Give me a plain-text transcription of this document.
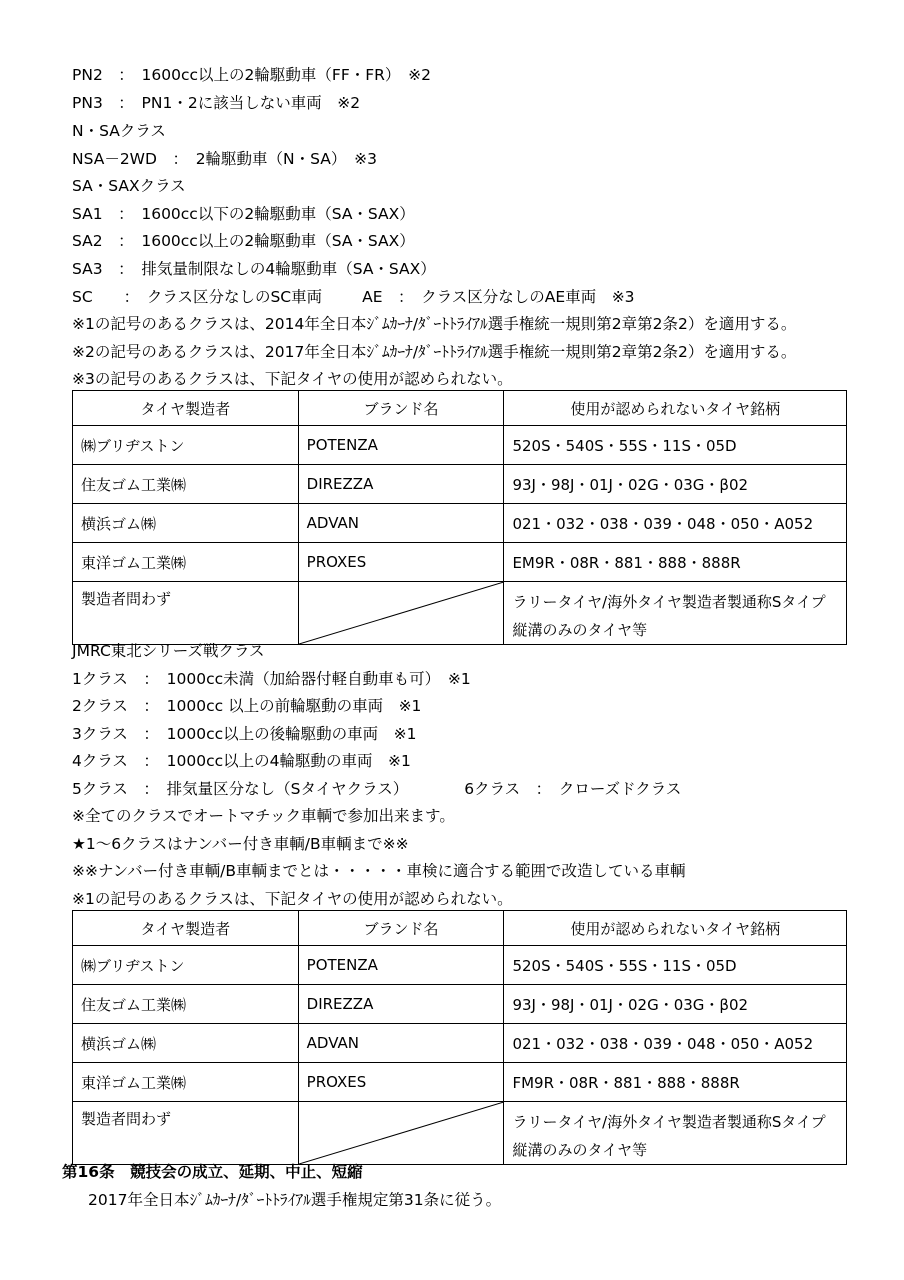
PN2　：　1600cc以上の2輪駆動車（FF・FR）　※2
PN3　：　PN1・2に該当しない車両　※2
N・SAクラス
NSA－2WD　：　2輪駆動車（N・SA）　※3
SA・SAXクラス
SA1　：　1600cc以下の2輪駆動車（SA・SAX）
SA2　：　1600cc以上の2輪駆動車（SA・SAX）
SA3　：　排気量制限なしの4輪駆動車（SA・SAX）
SC　　：　クラス区分なしのSC車両	AE　：　クラス区分なしのAE車両　※3
※1の記号のあるクラスは、2014年全日本ｼﾞﾑｶｰﾅ/ﾀﾞｰﾄﾄﾗｲｱﾙ選手権統一規則第2章第2条2）を適用する。
※2の記号のあるクラスは、2017年全日本ｼﾞﾑｶｰﾅ/ﾀﾞｰﾄﾄﾗｲｱﾙ選手権統一規則第2章第2条2）を適用する。
※3の記号のあるクラスは、下記タイヤの使用が認められない。
タイヤ製造者	ブランド名	使用が認められないタイヤ銘柄
㈱ブリヂストン	POTENZA	520S・540S・55S・11S・05D
住友ゴム工業㈱	DIREZZA	93J・98J・01J・02G・03G・β02
横浜ゴム㈱	ADVAN	021・032・038・039・048・050・A052
東洋ゴム工業㈱	PROXES	EM9R・08R・881・888・888R
製造者問わず		ラリータイヤ/海外タイヤ製造者製通称Sタイプ
縦溝のみのタイヤ等
JMRC東北シリーズ戦クラス
1クラス　：　1000cc未満（加給器付軽自動車も可）　※1
2クラス　：　1000cc 以上の前輪駆動の車両　※1
3クラス　：　1000cc以上の後輪駆動の車両　※1
4クラス　：　1000cc以上の4輪駆動の車両　※1
5クラス　：　排気量区分なし（Sタイヤクラス）	6クラス　：　クローズドクラス
※全てのクラスでオートマチック車輌で参加出来ます。
★1～6クラスはナンバー付き車輌/B車輌まで※※
※※ナンバー付き車輌/B車輌までとは・・・・・車検に適合する範囲で改造している車輌
※1の記号のあるクラスは、下記タイヤの使用が認められない。
タイヤ製造者	ブランド名	使用が認められないタイヤ銘柄
㈱ブリヂストン	POTENZA	520S・540S・55S・11S・05D
住友ゴム工業㈱	DIREZZA	93J・98J・01J・02G・03G・β02
横浜ゴム㈱	ADVAN	021・032・038・039・048・050・A052
東洋ゴム工業㈱	PROXES	FM9R・08R・881・888・888R
製造者問わず		ラリータイヤ/海外タイヤ製造者製通称Sタイプ
縦溝のみのタイヤ等
第16条　競技会の成立、延期、中止、短縮
2017年全日本ｼﾞﾑｶｰﾅ/ﾀﾞｰﾄﾄﾗｲｱﾙ選手権規定第31条に従う。
